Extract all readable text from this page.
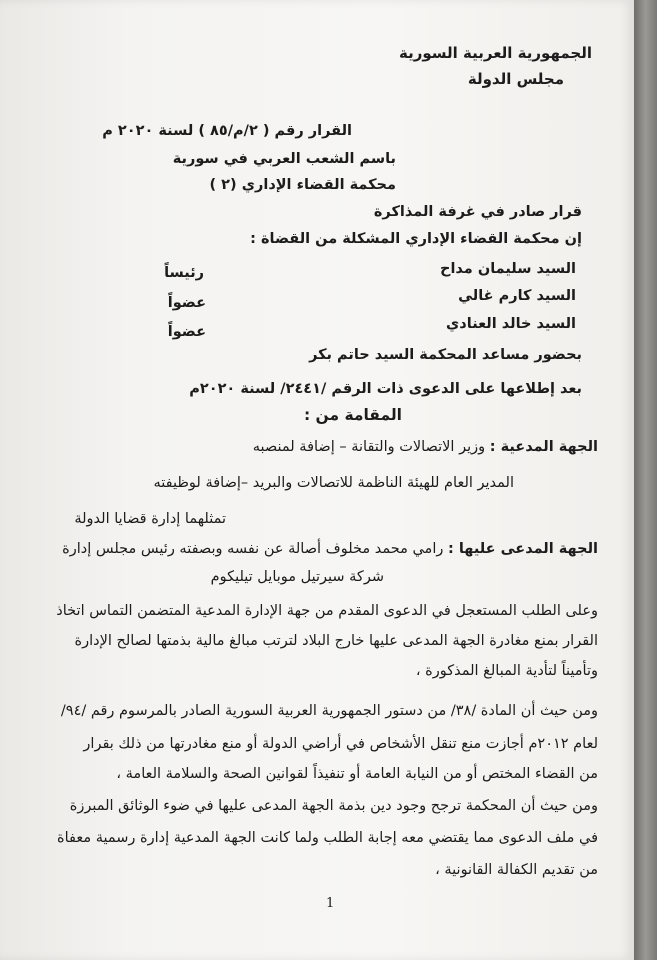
الجمهورية العربية السورية
مجلس الدولة
القرار رقم ( ٢/م/٨٥ ) لسنة ٢٠٢٠ م
باسم الشعب العربي في سورية
محكمة القضاء الإداري (٢ )
قرار صادر في غرفة المذاكرة
إن محكمة القضاء الإداري المشكلة من القضاة :
السيد سليمان مداح
رئيساً
السيد كارم غالي
عضواً
السيد خالد العنادي
عضواً
بحضور مساعد المحكمة السيد حاتم بكر
بعد إطلاعها على الدعوى ذات الرقم /٢٤٤١/ لسنة ٢٠٢٠م
المقامة من :
الجهة المدعية : وزير الاتصالات والتقانة – إضافة لمنصبه
المدير العام للهيئة الناظمة للاتصالات والبريد –إضافة لوظيفته
تمثلهما إدارة قضايا الدولة
الجهة المدعى عليها : رامي محمد مخلوف أصالة عن نفسه وبصفته رئيس مجلس إدارة
شركة سيرتيل موبايل تيليكوم
وعلى الطلب المستعجل في الدعوى المقدم من جهة الإدارة المدعية المتضمن التماس اتخاذ
القرار بمنع مغادرة الجهة المدعى عليها خارج البلاد لترتب مبالغ مالية بذمتها لصالح الإدارة
وتأميناً لتأدية المبالغ المذكورة ،
ومن حيث أن المادة /٣٨/ من دستور الجمهورية العربية السورية الصادر بالمرسوم رقم /٩٤/
لعام ٢٠١٢م أجازت منع تنقل الأشخاص في أراضي الدولة أو منع مغادرتها من ذلك بقرار
من القضاء المختص أو من النيابة العامة أو تنفيذاً لقوانين الصحة والسلامة العامة ،
ومن حيث أن المحكمة ترجح وجود دين بذمة الجهة المدعى عليها في ضوء الوثائق المبرزة
في ملف الدعوى مما يقتضي معه إجابة الطلب ولما كانت الجهة المدعية إدارة رسمية معفاة
من تقديم الكفالة القانونية ،
1
